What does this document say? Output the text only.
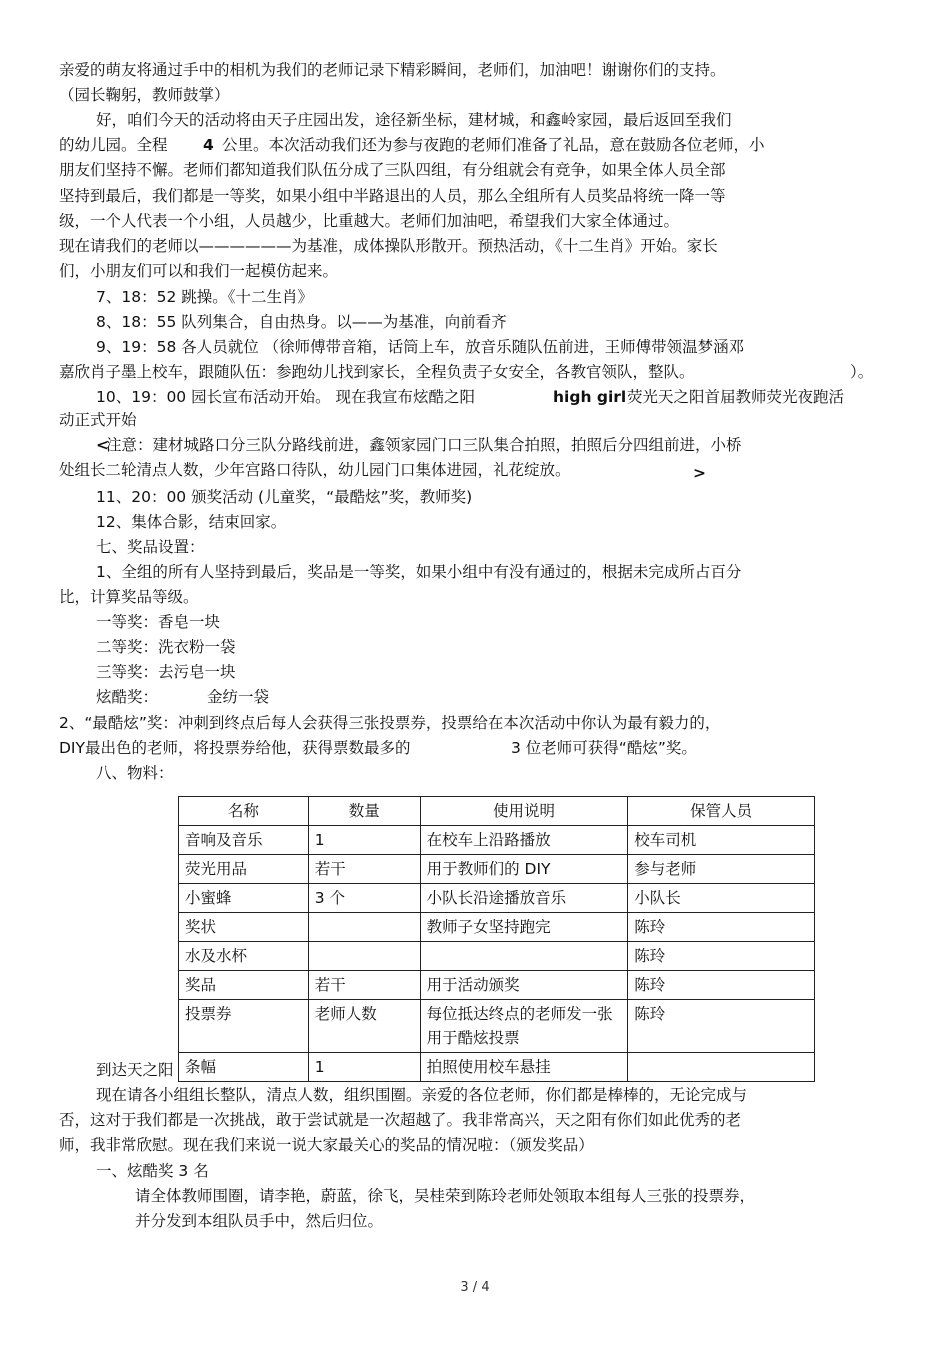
亲爱的萌友将通过手中的相机为我们的老师记录下精彩瞬间，老师们，加油吧！谢谢你们的支持。
（园长鞠躬，教师鼓掌）
好，咱们今天的活动将由天子庄园出发，途径新坐标，建材城，和鑫岭家园，最后返回至我们
的幼儿园。全程 4 公里。本次活动我们还为参与夜跑的老师们准备了礼品，意在鼓励各位老师，小
朋友们坚持不懈。老师们都知道我们队伍分成了三队四组，有分组就会有竞争，如果全体人员全部
坚持到最后，我们都是一等奖，如果小组中半路退出的人员，那么全组所有人员奖品将统一降一等
级，一个人代表一个小组，人员越少，比重越大。老师们加油吧，希望我们大家全体通过。
现在请我们的老师以——————为基准，成体操队形散开。预热活动，《十二生肖》开始。家长
们，小朋友们可以和我们一起模仿起来。
7、18：52 跳操。《十二生肖》
8、18：55 队列集合，自由热身。以——为基准，向前看齐
9、19：58 各人员就位 （徐师傅带音箱，话筒上车，放音乐随队伍前进，王师傅带领温梦涵邓
嘉欣肖子墨上校车，跟随队伍：参跑幼儿找到家长，全程负责子女安全，各教官领队，整队。	）。
10、19：00 园长宣布活动开始。 现在我宣布炫酷之阳	high girl 荧光天之阳首届教师荧光夜跑活
动正式开始
<
注意：建材城路口分三队分路线前进，鑫领家园门口三队集合拍照，拍照后分四组前进，小桥
处组长二轮清点人数，少年宫路口待队，幼儿园门口集体进园，礼花绽放。	>
11、20：00 颁奖活动 (儿童奖，“最酷炫”奖，教师奖)
12、集体合影，结束回家。
七、奖品设置：
1、全组的所有人坚持到最后，奖品是一等奖，如果小组中有没有通过的，根据未完成所占百分
比，计算奖品等级。
一等奖：香皂一块
二等奖：洗衣粉一袋
三等奖：去污皂一块
炫酷奖：	金纺一袋
2、“最酷炫”奖：冲刺到终点后每人会获得三张投票券，投票给在本次活动中你认为最有毅力的，
DIY最出色的老师，将投票券给他，获得票数最多的	3 位老师可获得“酷炫”奖。
八、物料：
名称	数量	使用说明	保管人员
音响及音乐	1	在校车上沿路播放	校车司机
荧光用品	若干	用于教师们的 DIY	参与老师
小蜜蜂	3 个	小队长沿途播放音乐	小队长
奖状		教师子女坚持跑完	陈玲
水及水杯			陈玲
奖品	若干	用于活动颁奖	陈玲
投票券	老师人数	每位抵达终点的老师发一张用于酷炫投票	陈玲
条幅	1	拍照使用校车悬挂	
到达天之阳
现在请各小组组长整队，清点人数，组织围圈。亲爱的各位老师，你们都是棒棒的，无论完成与
否，这对于我们都是一次挑战，敢于尝试就是一次超越了。我非常高兴，天之阳有你们如此优秀的老
师，我非常欣慰。现在我们来说一说大家最关心的奖品的情况啦：（颁发奖品）
一、炫酷奖 3 名
请全体教师围圈，请李艳，蔚蓝，徐飞，吴桂荣到陈玲老师处领取本组每人三张的投票券，
并分发到本组队员手中，然后归位。
3 / 4
